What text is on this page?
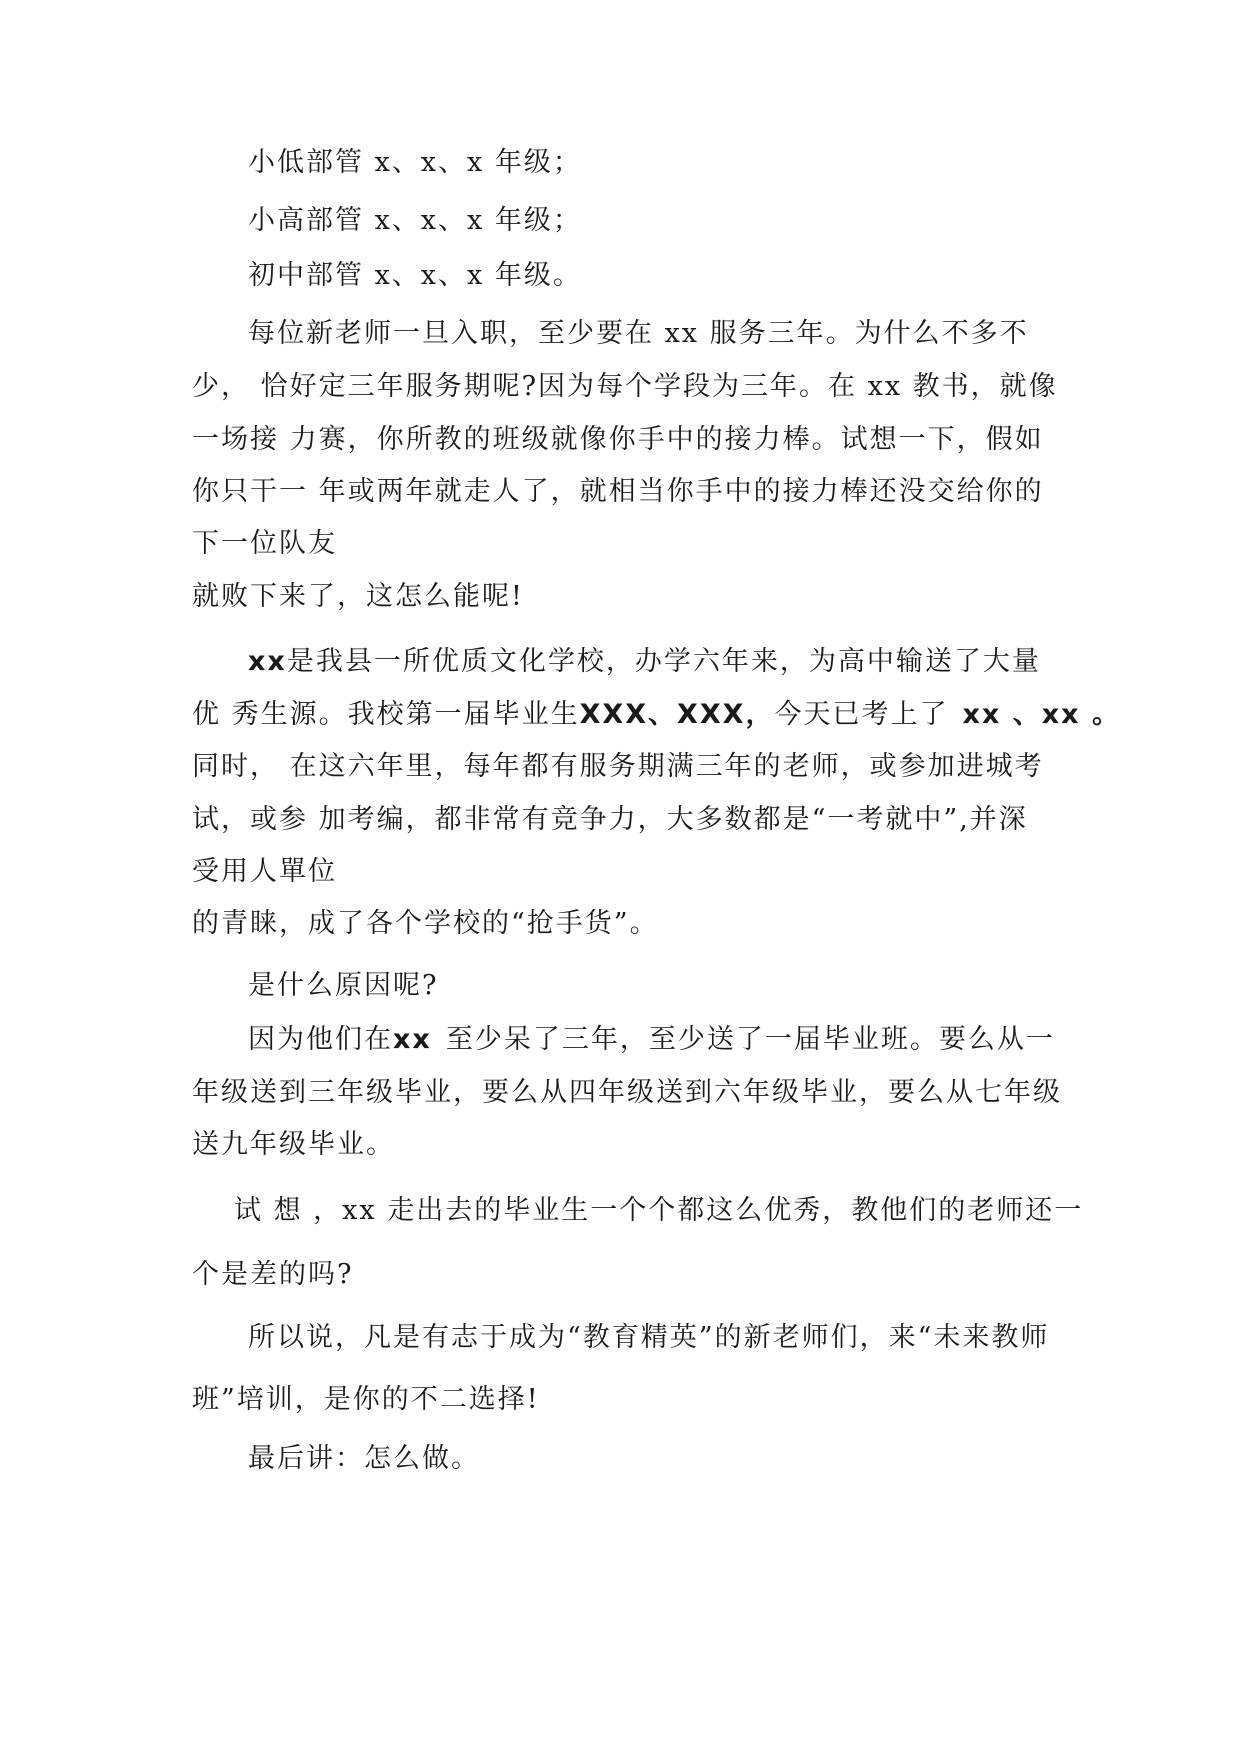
小低部管 x、x、x 年级；
小高部管 x、x、x 年级；
初中部管 x、x、x 年级。
每位新老师一旦入职，至少要在 xx 服务三年。为什么不多不
少， 恰好定三年服务期呢?因为每个学段为三年。在 xx 教书，就像
一场接 力赛，你所教的班级就像你手中的接力棒。试想一下，假如
你只干一 年或两年就走人了，就相当你手中的接力棒还没交给你的
下一位队友
就败下来了，这怎么能呢!
xx是我县一所优质文化学校，办学六年来，为高中输送了大量
优 秀生源。我校第一届毕业生XXX、XXX，今天已考上了 xx 、xx 。
同时， 在这六年里，每年都有服务期满三年的老师，或参加进城考
试，或参 加考编，都非常有竞争力，大多数都是“一考就中”,并深
受用人單位
的青睐，成了各个学校的“抢手货”。
是什么原因呢?
因为他们在xx 至少呆了三年，至少送了一届毕业班。要么从一
年级送到三年级毕业，要么从四年级送到六年级毕业，要么从七年级
送九年级毕业。
试 想 ，xx 走出去的毕业生一个个都这么优秀，教他们的老师还一
个是差的吗?
所以说，凡是有志于成为“教育精英”的新老师们，来“未来教师
班”培训，是你的不二选择!
最后讲：怎么做。
